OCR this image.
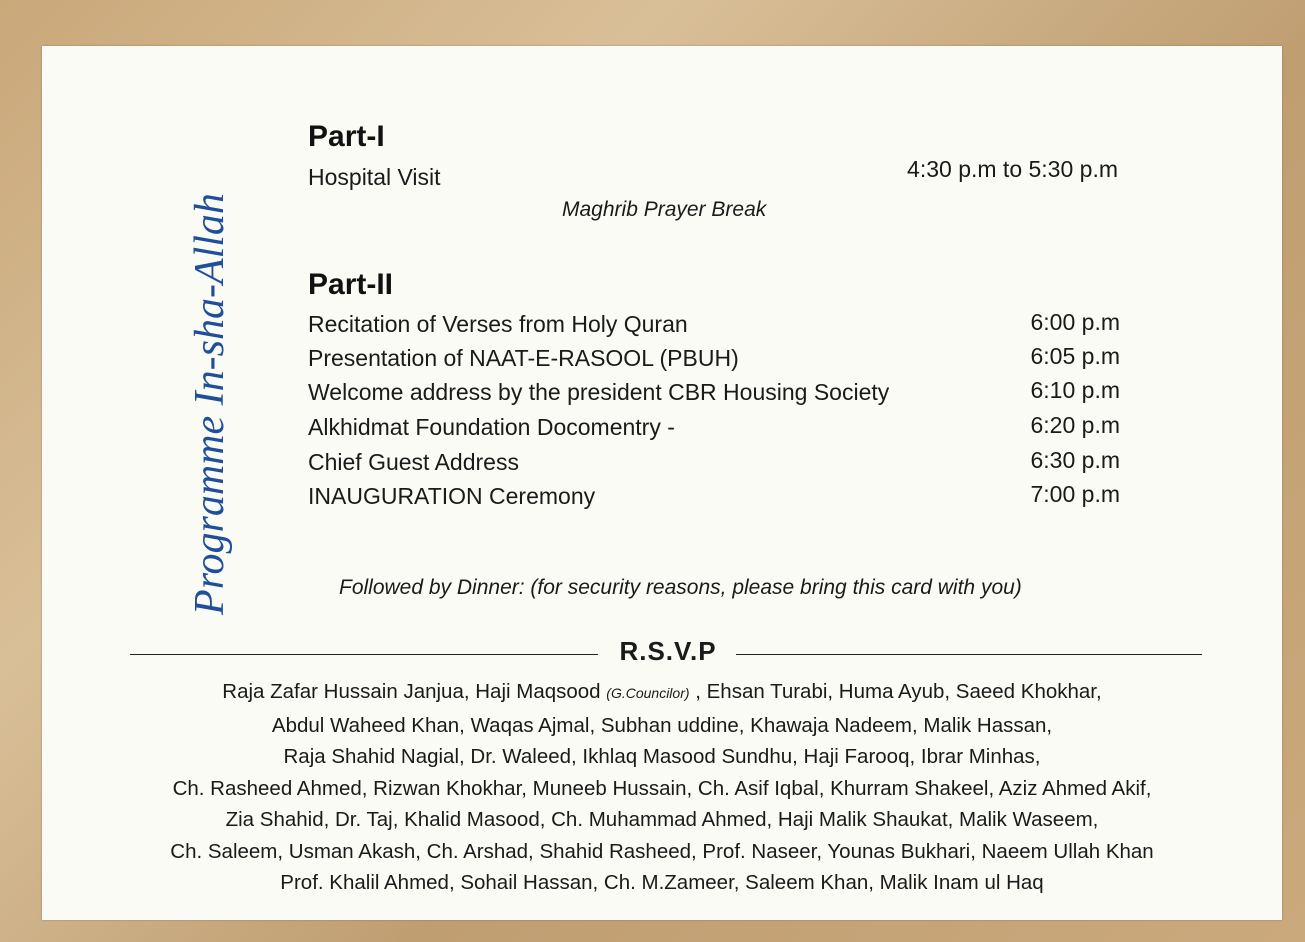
Programme In-sha-Allah
Part-I
Hospital Visit	4:30 p.m to 5:30 p.m
Maghrib Prayer Break
Part-II
Recitation of Verses from Holy Quran	6:00 p.m
Presentation of NAAT-E-RASOOL (PBUH)	6:05 p.m
Welcome address by the president CBR Housing Society	6:10 p.m
Alkhidmat Foundation Docomentry -	6:20 p.m
Chief Guest Address	6:30 p.m
INAUGURATION Ceremony	7:00 p.m
Followed by Dinner: (for security reasons, please bring this card with you)
R.S.V.P
Raja Zafar Hussain Janjua, Haji Maqsood (G.Councilor) , Ehsan Turabi, Huma Ayub, Saeed Khokhar,
Abdul Waheed Khan, Waqas Ajmal, Subhan uddine, Khawaja Nadeem, Malik Hassan,
Raja Shahid Nagial, Dr. Waleed, Ikhlaq Masood Sundhu, Haji Farooq, Ibrar Minhas,
Ch. Rasheed Ahmed, Rizwan Khokhar, Muneeb Hussain, Ch. Asif Iqbal, Khurram Shakeel, Aziz Ahmed Akif,
Zia Shahid, Dr. Taj, Khalid Masood, Ch. Muhammad Ahmed, Haji Malik Shaukat, Malik Waseem,
Ch. Saleem, Usman Akash, Ch. Arshad, Shahid Rasheed, Prof. Naseer, Younas Bukhari, Naeem Ullah Khan
Prof. Khalil Ahmed, Sohail Hassan, Ch. M.Zameer, Saleem Khan, Malik Inam ul Haq
